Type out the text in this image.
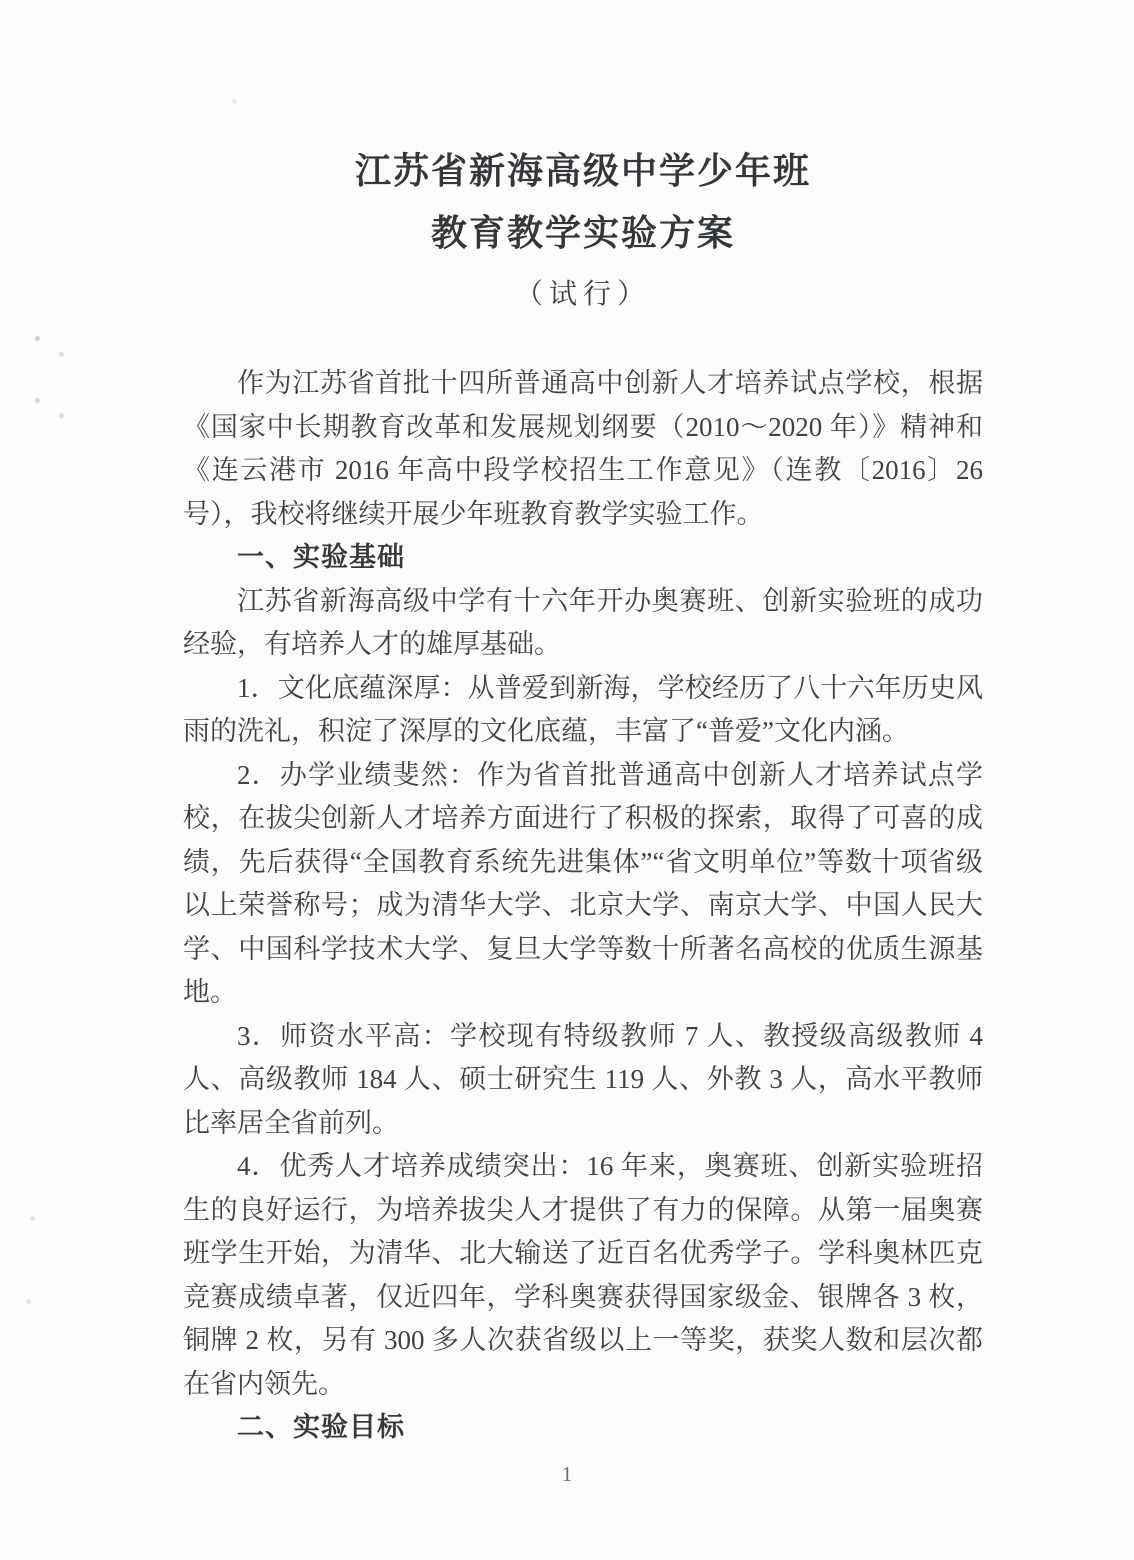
江苏省新海高级中学少年班
教育教学实验方案
（试行）

作为江苏省首批十四所普通高中创新人才培养试点学校，根据《国家中长期教育改革和发展规划纲要（2010～2020 年）》精神和《连云港市 2016 年高中段学校招生工作意见》（连教〔2016〕26 号），我校将继续开展少年班教育教学实验工作。

一、实验基础

江苏省新海高级中学有十六年开办奥赛班、创新实验班的成功经验，有培养人才的雄厚基础。

1．文化底蕴深厚：从普爱到新海，学校经历了八十六年历史风雨的洗礼，积淀了深厚的文化底蕴，丰富了“普爱”文化内涵。

2．办学业绩斐然：作为省首批普通高中创新人才培养试点学校，在拔尖创新人才培养方面进行了积极的探索，取得了可喜的成绩，先后获得“全国教育系统先进集体”“省文明单位”等数十项省级以上荣誉称号；成为清华大学、北京大学、南京大学、中国人民大学、中国科学技术大学、复旦大学等数十所著名高校的优质生源基地。

3．师资水平高：学校现有特级教师 7 人、教授级高级教师 4 人、高级教师 184 人、硕士研究生 119 人、外教 3 人，高水平教师比率居全省前列。

4．优秀人才培养成绩突出：16 年来，奥赛班、创新实验班招生的良好运行，为培养拔尖人才提供了有力的保障。从第一届奥赛班学生开始，为清华、北大输送了近百名优秀学子。学科奥林匹克竞赛成绩卓著，仅近四年，学科奥赛获得国家级金、银牌各 3 枚，铜牌 2 枚，另有 300 多人次获省级以上一等奖，获奖人数和层次都在省内领先。

二、实验目标
1
